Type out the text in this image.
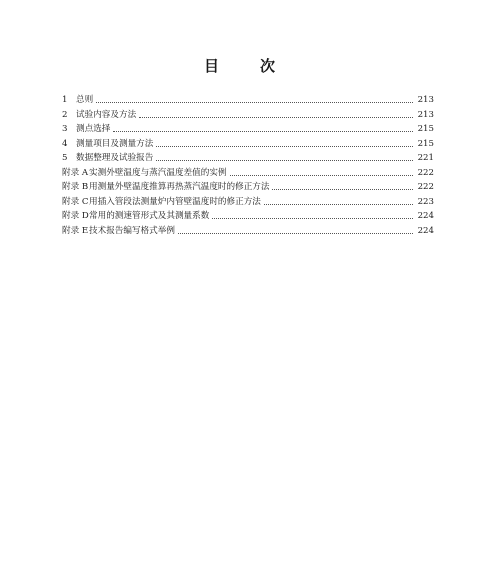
目	次
1 总则	213
2 试验内容及方法	213
3 测点选择	215
4 测量项目及测量方法	215
5 数据整理及试验报告	221
附录 A 实测外壁温度与蒸汽温度差值的实例	222
附录 B 用测量外壁温度推算再热蒸汽温度时的修正方法	222
附录 C 用插入管段法测量炉内管壁温度时的修正方法	223
附录 D 常用的测速管形式及其测量系数	224
附录 E 技术报告编写格式举例	224
